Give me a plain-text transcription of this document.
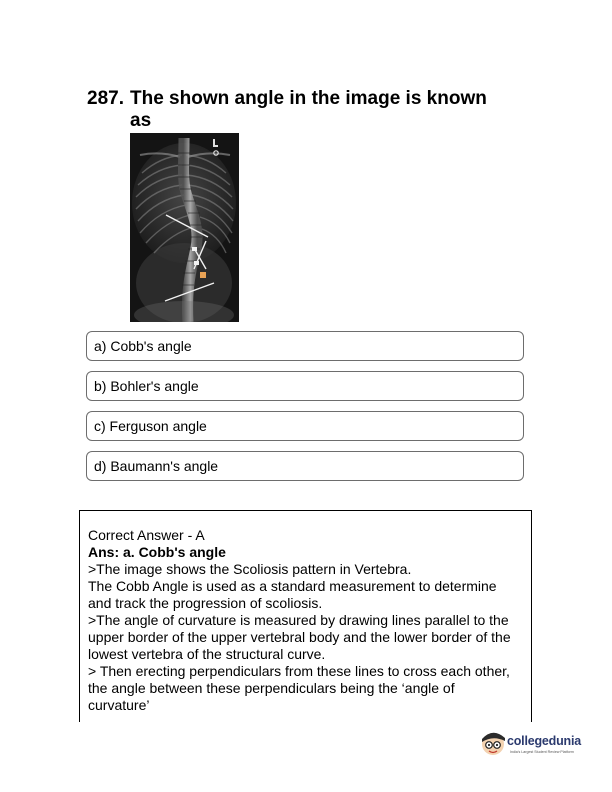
287. The shown angle in the image is known
as
a) Cobb's angle
b) Bohler's angle
c) Ferguson angle
d) Baumann's angle

Correct Answer - A

Ans: a. Cobb's angle

>The image shows the Scoliosis pattern in Vertebra.

The Cobb Angle is used as a standard measurement to determine

and track the progression of scoliosis.

>The angle of curvature is measured by drawing lines parallel to the

upper border of the upper vertebral body and the lower border of the

lowest vertebra of the structural curve.

> Then erecting perpendiculars from these lines to cross each other,

the angle between these perpendiculars being the ‘angle of

curvature’

collegedunia
India's Largest Student Review Platform
